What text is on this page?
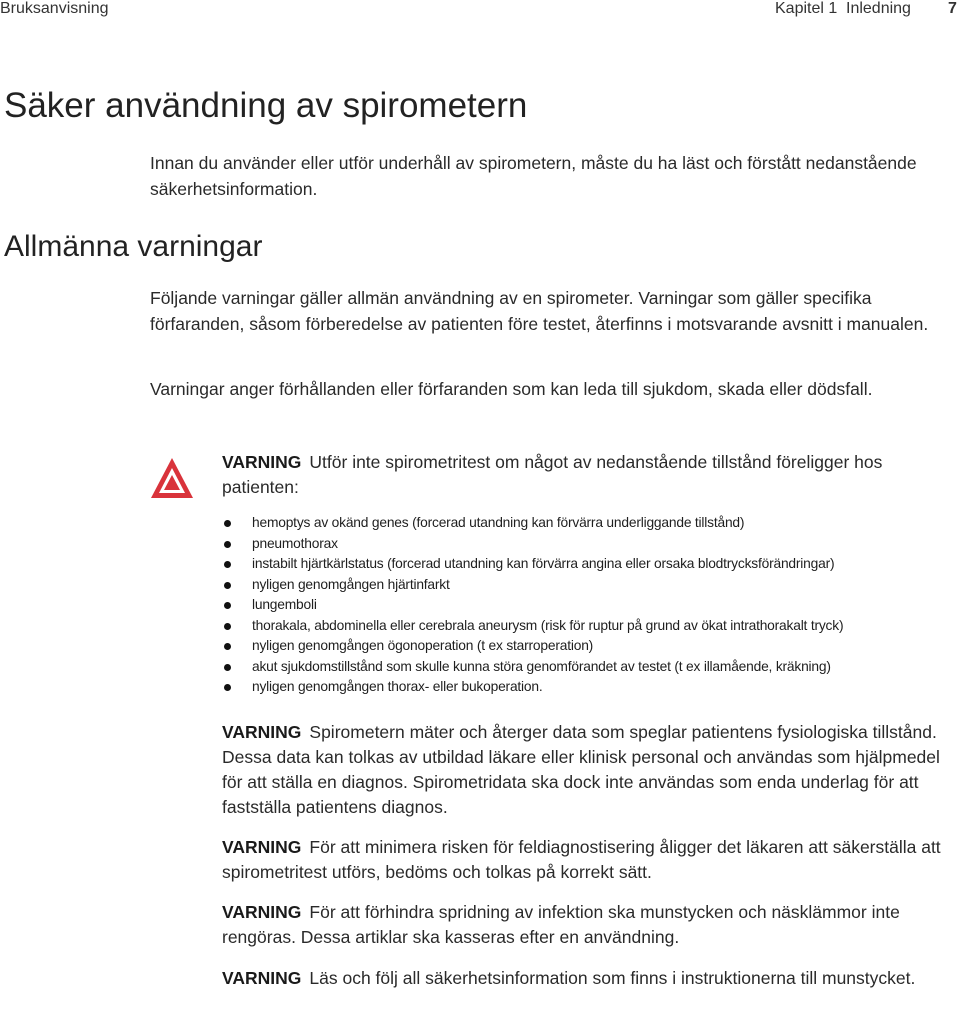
Bruksanvisning	Kapitel 1 Inledning 7
Säker användning av spirometern

Innan du använder eller utför underhåll av spirometern, måste du ha läst och förstått nedanstående säkerhetsinformation.

Allmänna varningar

Följande varningar gäller allmän användning av en spirometer. Varningar som gäller specifika förfaranden, såsom förberedelse av patienten före testet, återfinns i motsvarande avsnitt i manualen.

Varningar anger förhållanden eller förfaranden som kan leda till sjukdom, skada eller dödsfall.

VARNING Utför inte spirometritest om något av nedanstående tillstånd föreligger hos patienten:

hemoptys av okänd genes (forcerad utandning kan förvärra underliggande tillstånd)
pneumothorax
instabilt hjärtkärlstatus (forcerad utandning kan förvärra angina eller orsaka blodtrycksförändringar)
nyligen genomgången hjärtinfarkt
lungemboli
thorakala, abdominella eller cerebrala aneurysm (risk för ruptur på grund av ökat intrathorakalt tryck)
nyligen genomgången ögonoperation (t ex starroperation)
akut sjukdomstillstånd som skulle kunna störa genomförandet av testet (t ex illamående, kräkning)
nyligen genomgången thorax- eller bukoperation.

VARNING Spirometern mäter och återger data som speglar patientens fysiologiska tillstånd. Dessa data kan tolkas av utbildad läkare eller klinisk personal och användas som hjälpmedel för att ställa en diagnos. Spirometridata ska dock inte användas som enda underlag för att fastställa patientens diagnos.

VARNING För att minimera risken för feldiagnostisering åligger det läkaren att säkerställa att spirometritest utförs, bedöms och tolkas på korrekt sätt.

VARNING För att förhindra spridning av infektion ska munstycken och näsklämmor inte rengöras. Dessa artiklar ska kasseras efter en användning.

VARNING Läs och följ all säkerhetsinformation som finns i instruktionerna till munstycket.
